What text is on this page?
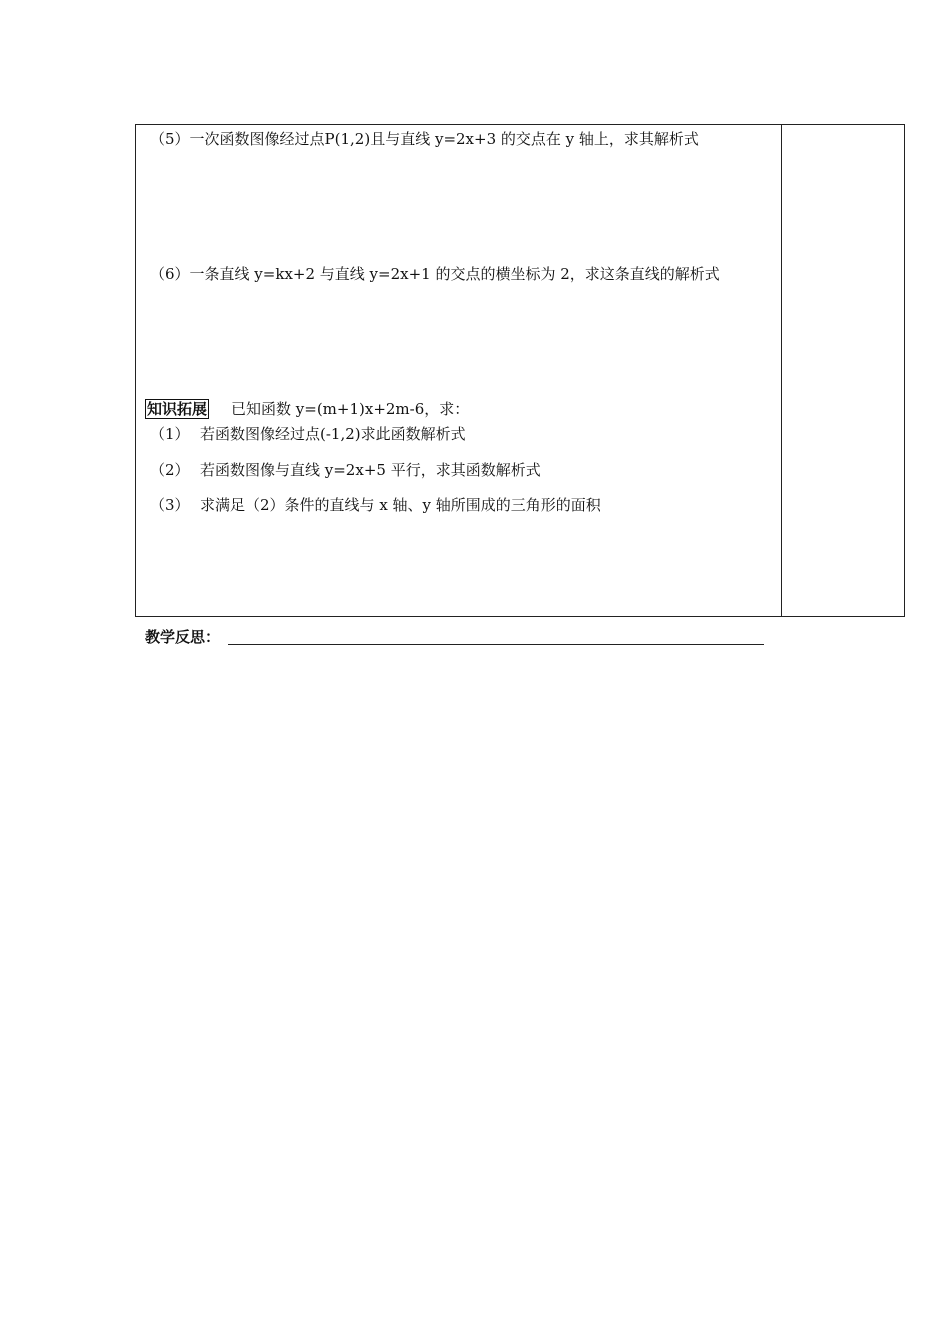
（5）一次函数图像经过点P(1,2)且与直线 y=2x+3 的交点在 y 轴上，求其解析式
（6）一条直线 y=kx+2 与直线 y=2x+1 的交点的横坐标为 2，求这条直线的解析式
知识拓展 已知函数 y=(m+1)x+2m-6，求：
（1） 若函数图像经过点(-1,2)求此函数解析式
（2） 若函数图像与直线 y=2x+5 平行，求其函数解析式
（3） 求满足（2）条件的直线与 x 轴、y 轴所围成的三角形的面积
教学反思：
